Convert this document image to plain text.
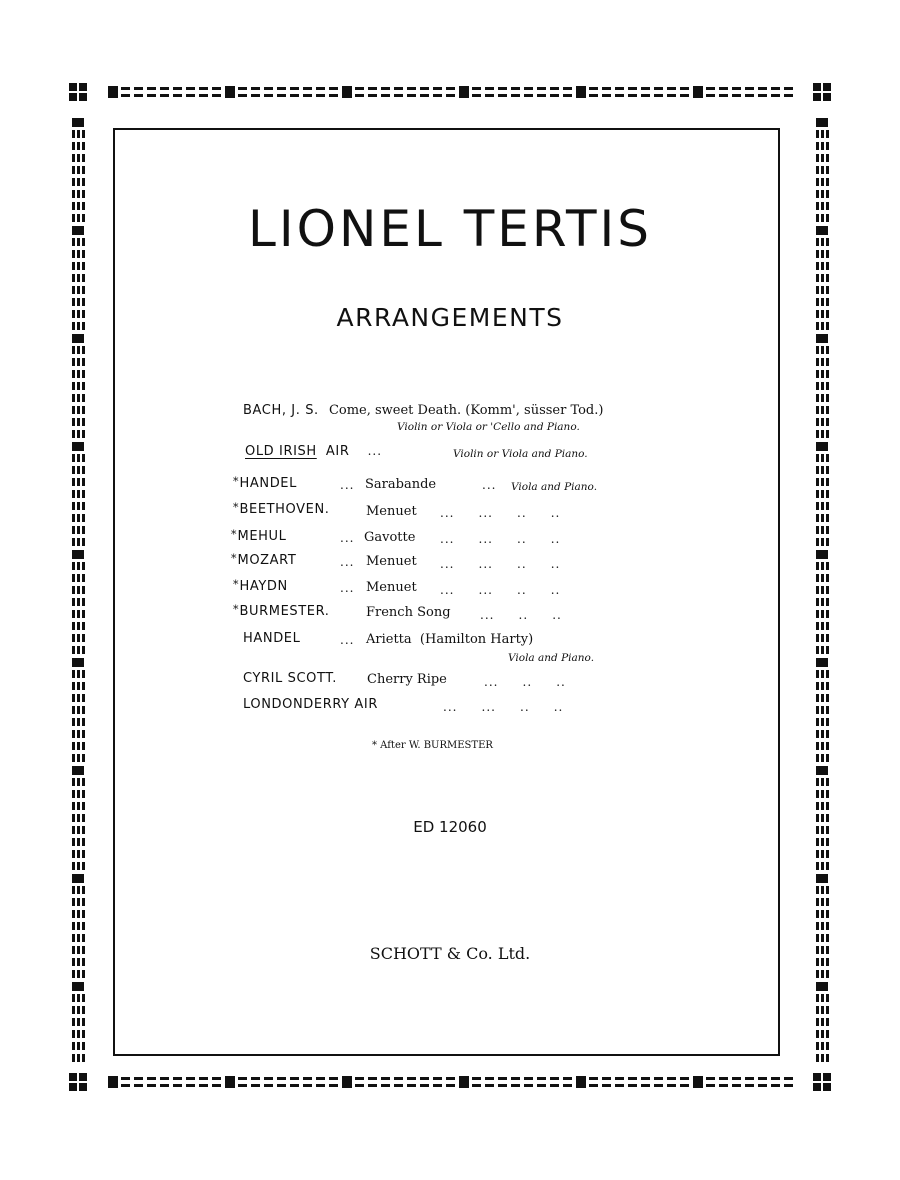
LIONEL TERTIS
ARRANGEMENTS
BACH, J. S. Come, sweet Death. (Komm', süsser Tod.)
Violin or Viola or 'Cello and Piano.
OLD IRISH AIR ...	Violin or Viola and Piano.
*HANDEL	... Sarabande	... Viola and Piano.
*BEETHOVEN.	Menuet ...     ...     ..     ..
*MEHUL	... Gavotte ...     ...     ..     ..
*MOZART	... Menuet ...     ...     ..     ..
*HAYDN	... Menuet ...     ...     ..     ..
*BURMESTER.	French Song ...     ..     ..
HANDEL	... Arietta  (Hamilton Harty)
Viola and Piano.
CYRIL SCOTT. Cherry Ripe	...     ..     ..
LONDONDERRY AIR	...     ...     ..     ..
* After W. BURMESTER
ED 12060
SCHOTT & Co. Ltd.
